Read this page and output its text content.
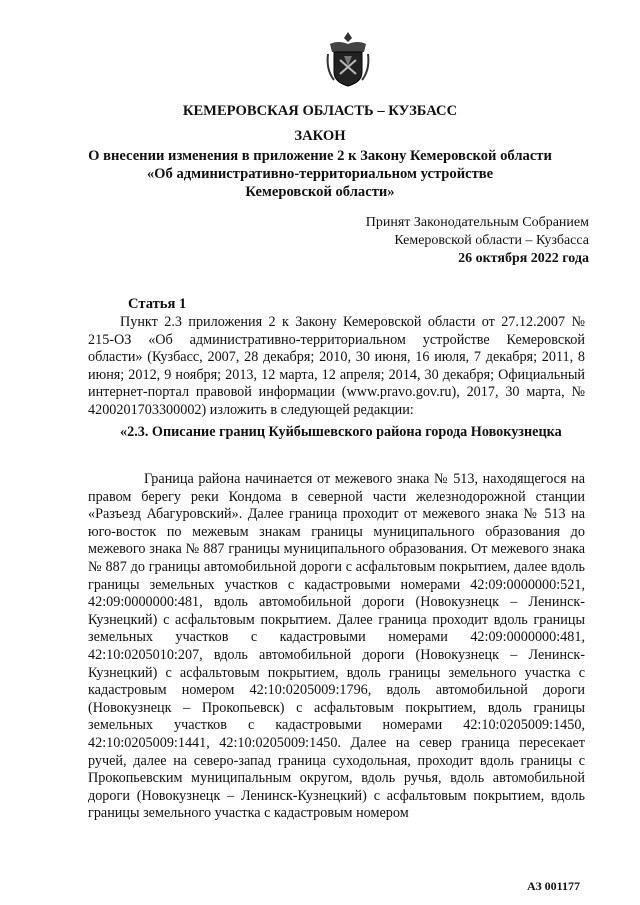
КЕМЕРОВСКАЯ ОБЛАСТЬ – КУЗБАСС
ЗАКОН
О внесении изменения в приложение 2 к Закону Кемеровской области
«Об административно-территориальном устройстве
Кемеровской области»
Принят Законодательным Собранием
Кемеровской области – Кузбасса
26 октября 2022 года
Статья 1
Пункт 2.3 приложения 2 к Закону Кемеровской области от 27.12.2007 № 215-ОЗ «Об административно-территориальном устройстве Кемеровской области» (Кузбасс, 2007, 28 декабря; 2010, 30 июня, 16 июля, 7 декабря; 2011, 8 июня; 2012, 9 ноября; 2013, 12 марта, 12 апреля; 2014, 30 декабря; Официальный интернет-портал правовой информации (www.pravo.gov.ru), 2017, 30 марта, № 4200201703300002) изложить в следующей редакции:
«2.3. Описание границ Куйбышевского района города Новокузнецка
Граница района начинается от межевого знака № 513, находящегося на правом берегу реки Кондома в северной части железнодорожной станции «Разъезд Абагуровский». Далее граница проходит от межевого знака № 513 на юго-восток по межевым знакам границы муниципального образования до межевого знака № 887 границы муниципального образования. От межевого знака № 887 до границы автомобильной дороги с асфальтовым покрытием, далее вдоль границы земельных участков с кадастровыми номерами 42:09:0000000:521, 42:09:0000000:481, вдоль автомобильной дороги (Новокузнецк – Ленинск-Кузнецкий) с асфальтовым покрытием. Далее граница проходит вдоль границы земельных участков с кадастровыми номерами 42:09:0000000:481, 42:10:0205010:207, вдоль автомобильной дороги (Новокузнецк – Ленинск-Кузнецкий) с асфальтовым покрытием, вдоль границы земельного участка с кадастровым номером 42:10:0205009:1796, вдоль автомобильной дороги (Новокузнецк – Прокопьевск) с асфальтовым покрытием, вдоль границы земельных участков с кадастровыми номерами 42:10:0205009:1450, 42:10:0205009:1441, 42:10:0205009:1450. Далее на север граница пересекает ручей, далее на северо-запад граница суходольная, проходит вдоль границы с Прокопьевским муниципальным округом, вдоль ручья, вдоль автомобильной дороги (Новокузнецк – Ленинск-Кузнецкий) с асфальтовым покрытием, вдоль границы земельного участка с кадастровым номером
АЗ 001177
